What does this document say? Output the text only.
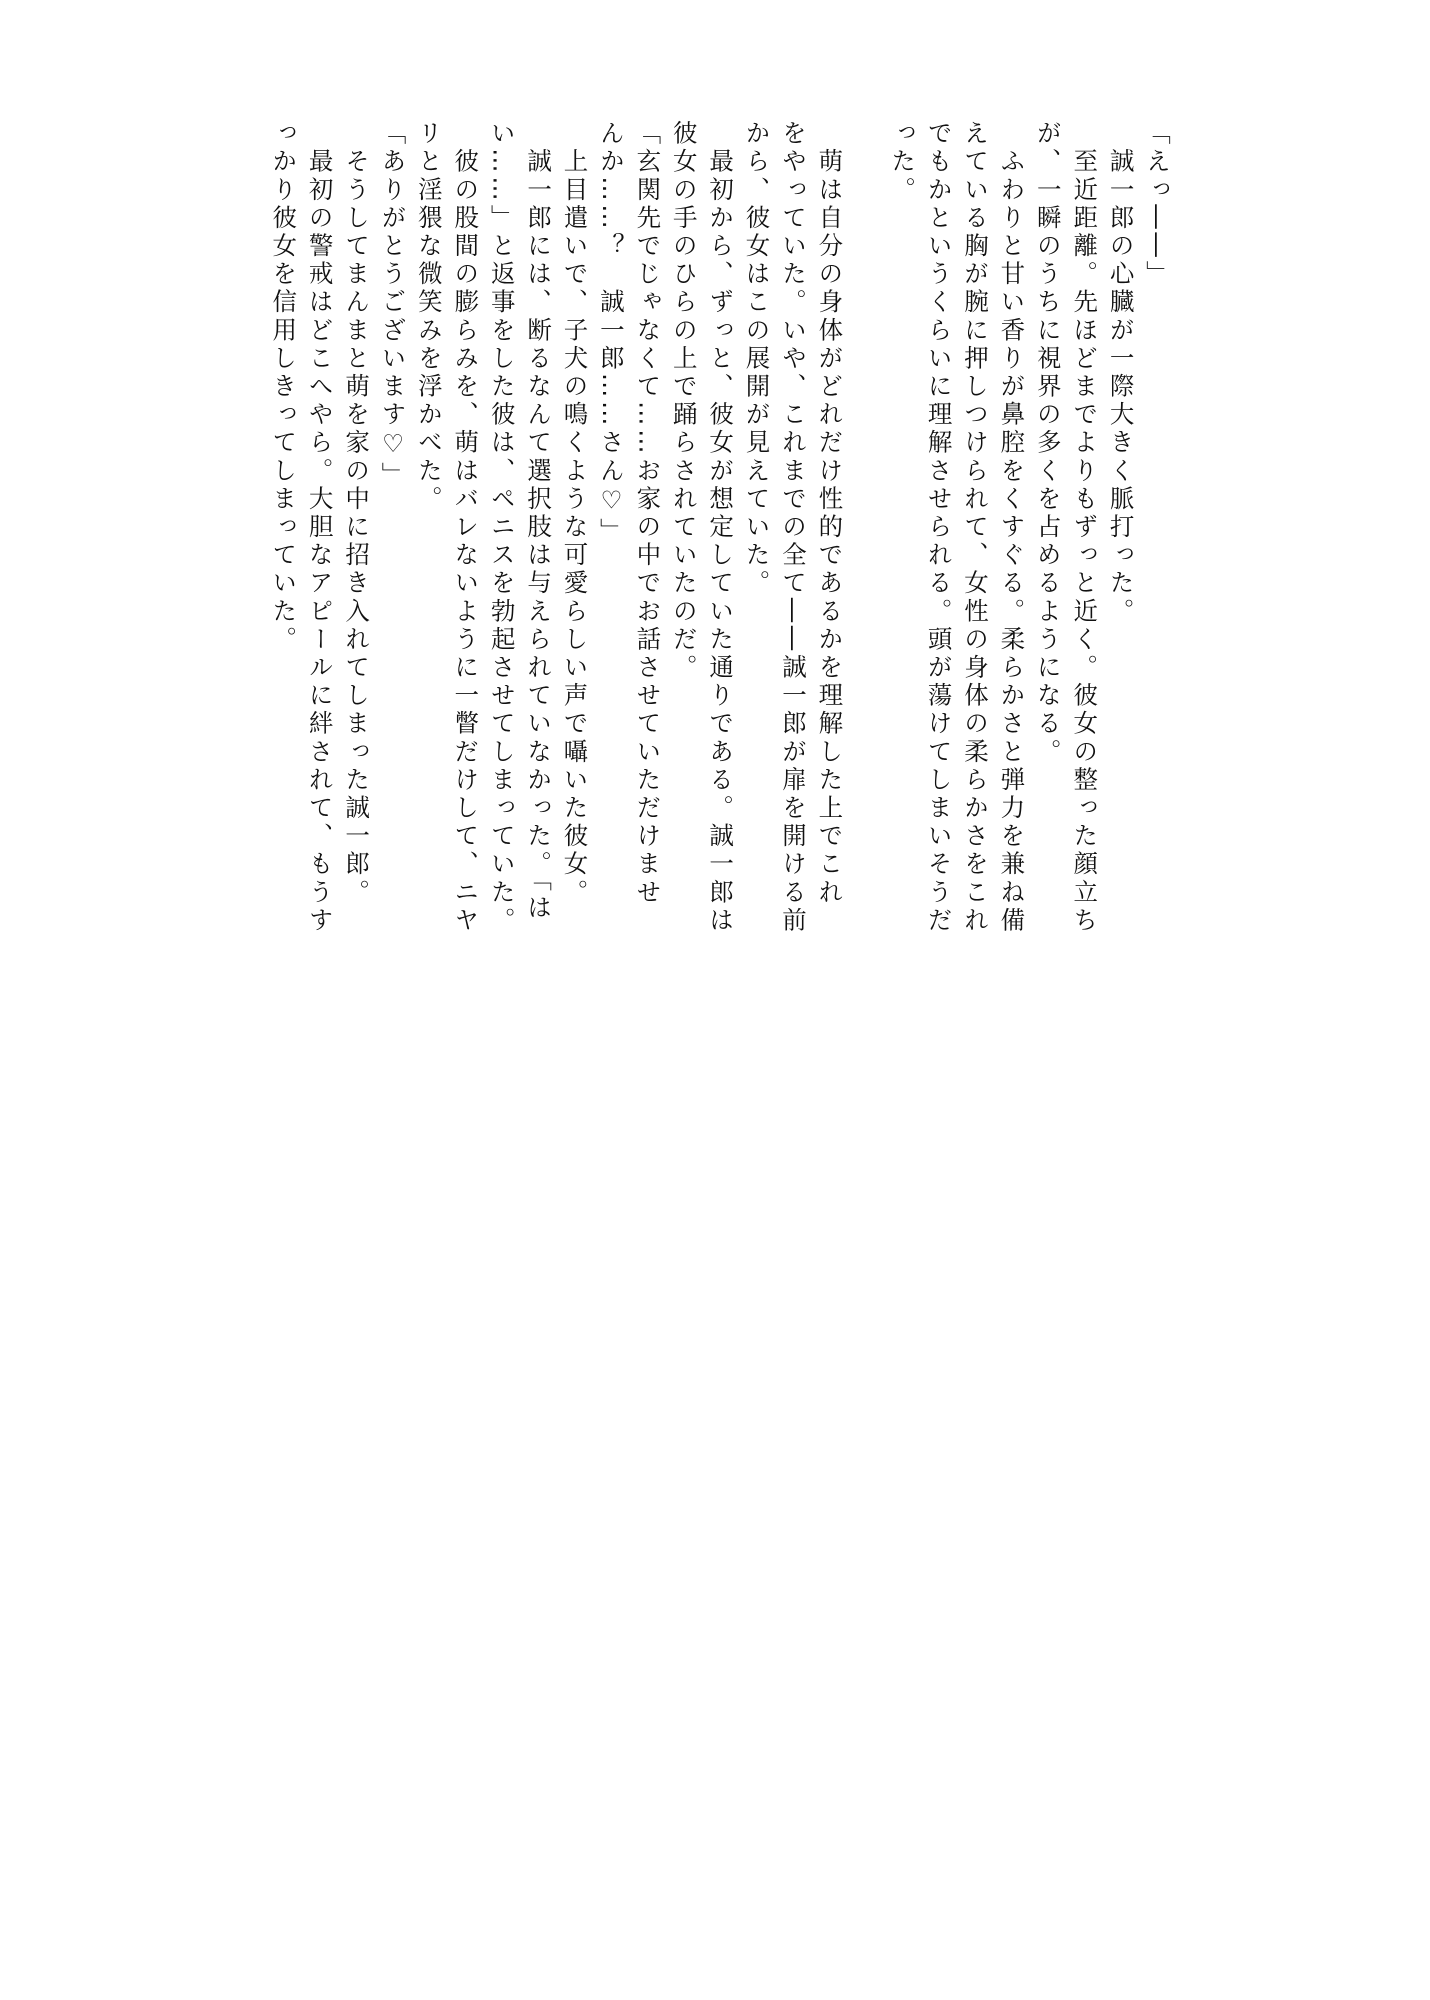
「えっ――」
　誠一郎の心臓が一際大きく脈打った。
　至近距離。先ほどまでよりもずっと近く。彼女の整った顔立ち
が、一瞬のうちに視界の多くを占めるようになる。
　ふわりと甘い香りが鼻腔をくすぐる。柔らかさと弾力を兼ね備
えている胸が腕に押しつけられて、女性の身体の柔らかさをこれ
でもかというくらいに理解させられる。頭が蕩けてしまいそうだ
った。
　萌は自分の身体がどれだけ性的であるかを理解した上でこれ
をやっていた。いや、これまでの全て――誠一郎が扉を開ける前
から、彼女はこの展開が見えていた。
　最初から、ずっと、彼女が想定していた通りである。誠一郎は
彼女の手のひらの上で踊らされていたのだ。
「玄関先でじゃなくて……お家の中でお話させていただけませ
んか……？　誠一郎……さん♡」
　上目遣いで、子犬の鳴くような可愛らしい声で囁いた彼女。
　誠一郎には、断るなんて選択肢は与えられていなかった。「は
い……」と返事をした彼は、ペニスを勃起させてしまっていた。
　彼の股間の膨らみを、萌はバレないように一瞥だけして、ニヤ
リと淫猥な微笑みを浮かべた。
「ありがとうございます♡」
　そうしてまんまと萌を家の中に招き入れてしまった誠一郎。
　最初の警戒はどこへやら。大胆なアピールに絆されて、もうす
っかり彼女を信用しきってしまっていた。
